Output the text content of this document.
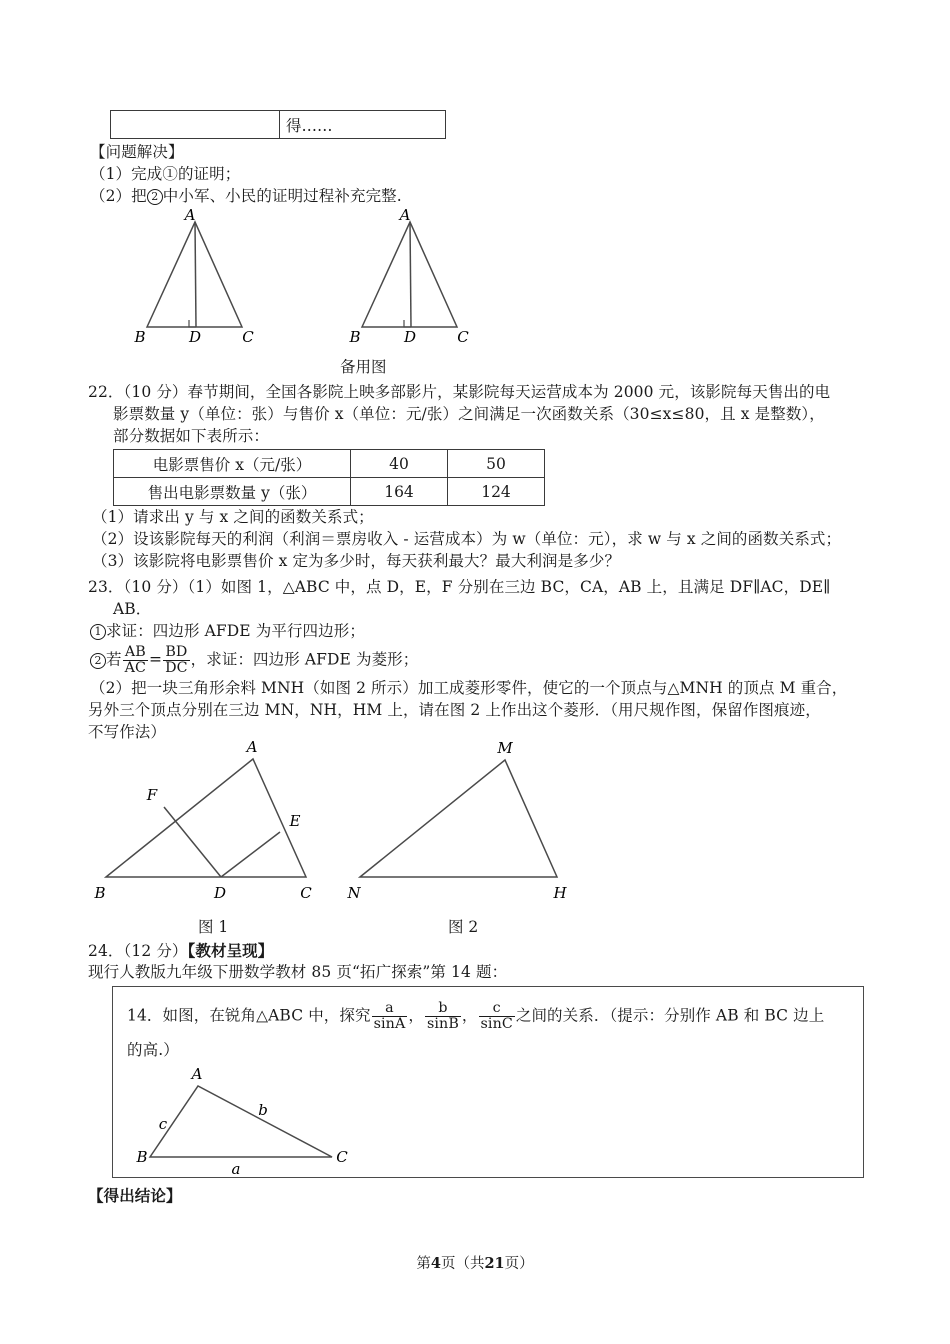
	得……
【问题解决】
（1）完成①的证明；
（2）把 2 中小军、小民的证明过程补充完整.
A
B	D	C
A
B	D	C
备用图
22．（10 分）春节期间，全国各影院上映多部影片，某影院每天运营成本为 2000 元，该影院每天售出的电
影票数量 y（单位：张）与售价 x（单位：元/张）之间满足一次函数关系（30≤x≤80，且 x 是整数），
部分数据如下表所示：
电影票售价 x（元/张）	40	50
售出电影票数量 y（张）	164	124
（1）请求出 y 与 x 之间的函数关系式；
（2）设该影院每天的利润（利润＝票房收入 - 运营成本）为 w（单位：元），求 w 与 x 之间的函数关系式；
（3）该影院将电影票售价 x 定为多少时，每天获利最大？最大利润是多少？
23．（10 分）（1）如图 1，△ABC 中，点 D，E，F 分别在三边 BC，CA，AB 上，且满足 DF∥AC，DE∥
AB．
1 求证：四边形 AFDE 为平行四边形；
2 若 $\frac{AB}{AC} = \frac{BD}{DC}$ ，求证：四边形 AFDE 为菱形；
（2）把一块三角形余料 MNH（如图 2 所示）加工成菱形零件，使它的一个顶点与△MNH 的顶点 M 重合，
另外三个顶点分别在三边 MN，NH，HM 上，请在图 2 上作出这个菱形．（用尺规作图，保留作图痕迹，
不写作法）
A
B	C
D
E
F
M
N	H
图 1	图 2
24．（12 分）【教材呈现】
现行人教版九年级下册数学教材 85 页“拓广探索”第 14 题：
14．如图，在锐角△ABC 中，探究 $\frac{a}{\sin A}$ ， $\frac{b}{\sin B}$ ， $\frac{c}{\sin C}$ 之间的关系．（提示：分别作 AB 和 BC 边上
的高.）
A
B	C
a
b
c
【得出结论】
第4页（共21页）
